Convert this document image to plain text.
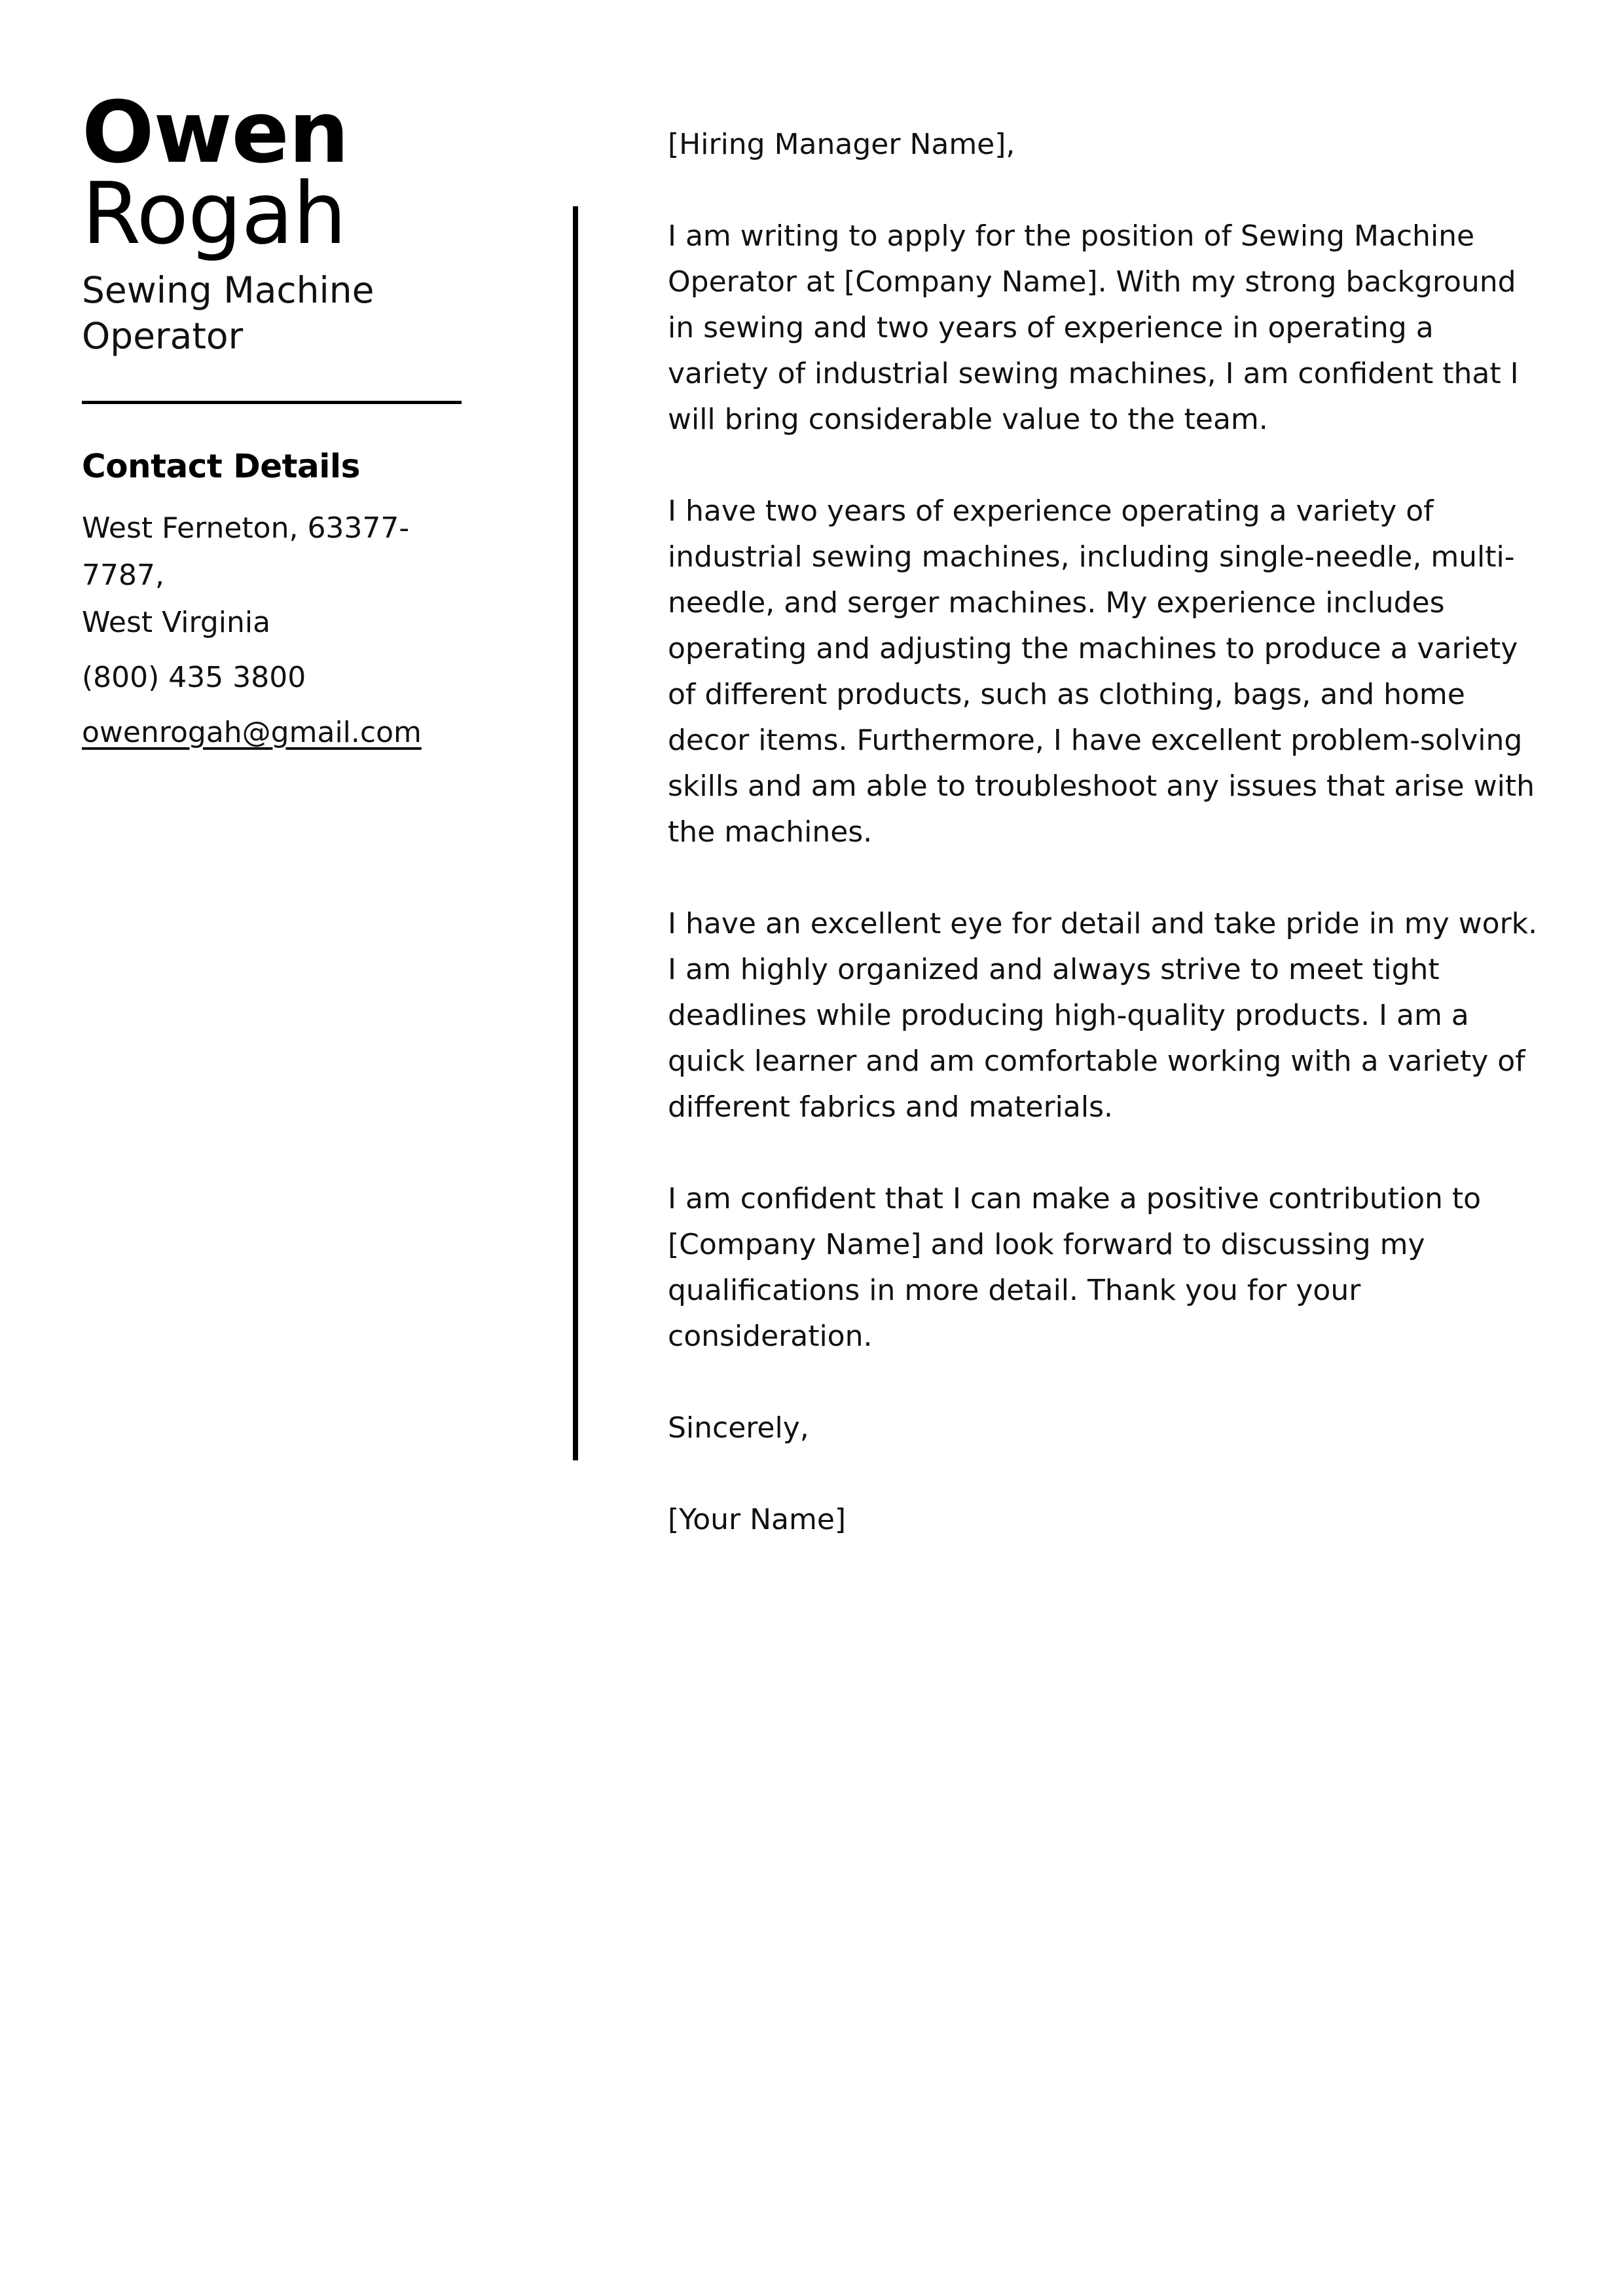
Owen
Rogah
Sewing Machine Operator
Contact Details
West Ferneton, 63377-7787,
West Virginia
(800) 435 3800
owenrogah@gmail.com

[Hiring Manager Name],

I am writing to apply for the position of Sewing Machine Operator at [Company Name]. With my strong background in sewing and two years of experience in operating a variety of industrial sewing machines, I am confident that I will bring considerable value to the team.

I have two years of experience operating a variety of industrial sewing machines, including single-needle, multi-needle, and serger machines. My experience includes operating and adjusting the machines to produce a variety of different products, such as clothing, bags, and home decor items. Furthermore, I have excellent problem-solving skills and am able to troubleshoot any issues that arise with the machines.

I have an excellent eye for detail and take pride in my work. I am highly organized and always strive to meet tight deadlines while producing high-quality products. I am a quick learner and am comfortable working with a variety of different fabrics and materials.

I am confident that I can make a positive contribution to [Company Name] and look forward to discussing my qualifications in more detail. Thank you for your consideration.

Sincerely,

[Your Name]
